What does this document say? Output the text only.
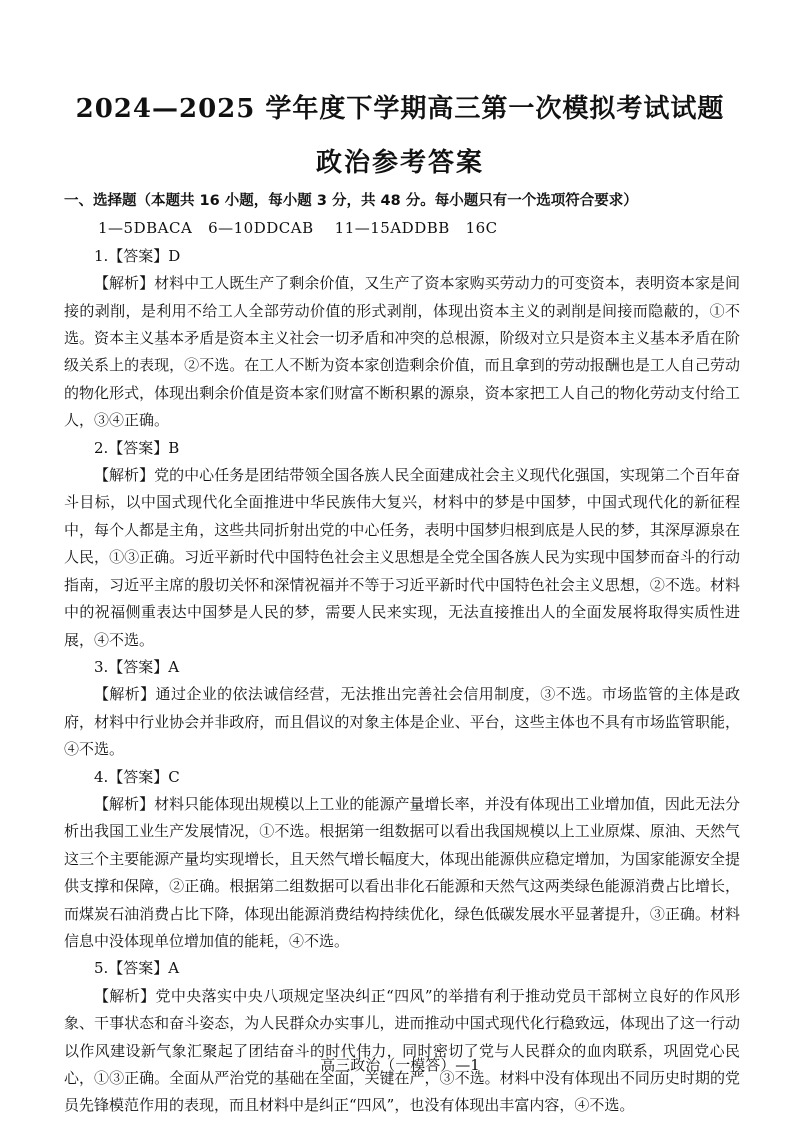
2024—2025 学年度下学期高三第一次模拟考试试题
政治参考答案
一、选择题（本题共 16 小题，每小题 3 分，共 48 分。每小题只有一个选项符合要求）
1—5DBACA   6—10DDCAB    11—15ADDBB   16C
1.【答案】D

【解析】材料中工人既生产了剩余价值，又生产了资本家购买劳动力的可变资本，表明资本家是间接的剥削，是利用不给工人全部劳动价值的形式剥削，体现出资本主义的剥削是间接而隐蔽的，①不选。资本主义基本矛盾是资本主义社会一切矛盾和冲突的总根源，阶级对立只是资本主义基本矛盾在阶级关系上的表现，②不选。在工人不断为资本家创造剩余价值，而且拿到的劳动报酬也是工人自己劳动的物化形式，体现出剩余价值是资本家们财富不断积累的源泉，资本家把工人自己的物化劳动支付给工人，③④正确。

2.【答案】B

【解析】党的中心任务是团结带领全国各族人民全面建成社会主义现代化强国，实现第二个百年奋斗目标，以中国式现代化全面推进中华民族伟大复兴，材料中的梦是中国梦，中国式现代化的新征程中，每个人都是主角，这些共同折射出党的中心任务，表明中国梦归根到底是人民的梦，其深厚源泉在人民，①③正确。习近平新时代中国特色社会主义思想是全党全国各族人民为实现中国梦而奋斗的行动指南，习近平主席的殷切关怀和深情祝福并不等于习近平新时代中国特色社会主义思想，②不选。材料中的祝福侧重表达中国梦是人民的梦，需要人民来实现，无法直接推出人的全面发展将取得实质性进展，④不选。

3.【答案】A

【解析】通过企业的依法诚信经营，无法推出完善社会信用制度，③不选。市场监管的主体是政府，材料中行业协会并非政府，而且倡议的对象主体是企业、平台，这些主体也不具有市场监管职能，④不选。

4.【答案】C

【解析】材料只能体现出规模以上工业的能源产量增长率，并没有体现出工业增加值，因此无法分析出我国工业生产发展情况，①不选。根据第一组数据可以看出我国规模以上工业原煤、原油、天然气这三个主要能源产量均实现增长，且天然气增长幅度大，体现出能源供应稳定增加，为国家能源安全提供支撑和保障，②正确。根据第二组数据可以看出非化石能源和天然气这两类绿色能源消费占比增长，而煤炭石油消费占比下降，体现出能源消费结构持续优化，绿色低碳发展水平显著提升，③正确。材料信息中没体现单位增加值的能耗，④不选。

5.【答案】A

【解析】党中央落实中央八项规定坚决纠正“四风”的举措有利于推动党员干部树立良好的作风形象、干事状态和奋斗姿态，为人民群众办实事儿，进而推动中国式现代化行稳致远，体现出了这一行动以作风建设新气象汇聚起了团结奋斗的时代伟力，同时密切了党与人民群众的血肉联系，巩固党心民心，①③正确。全面从严治党的基础在全面，关键在严，③不选。材料中没有体现出不同历史时期的党员先锋模范作用的表现，而且材料中是纠正“四风”，也没有体现出丰富内容，④不选。

高三政治（一模答）—1
